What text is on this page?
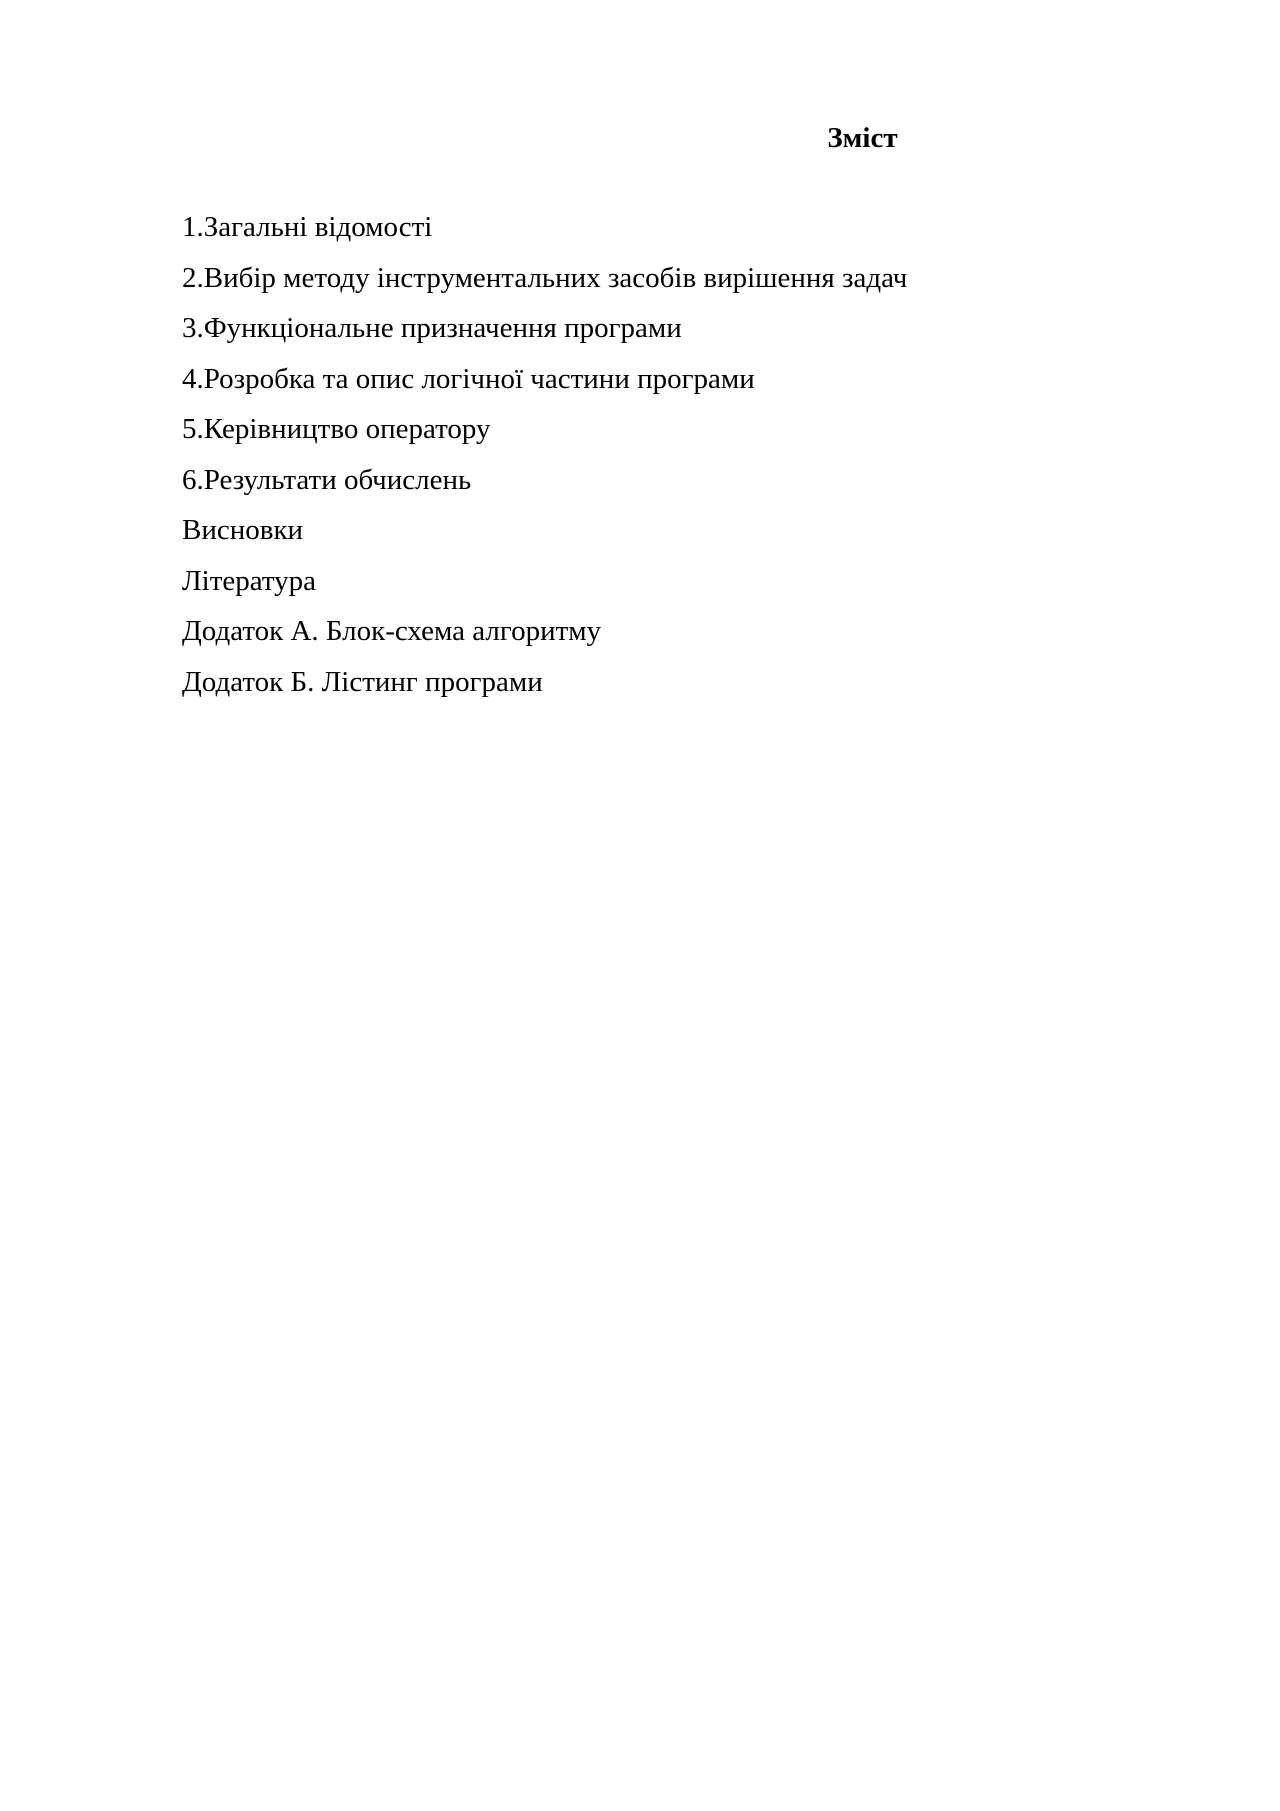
Зміст
1.Загальні відомості
2.Вибір методу інструментальних засобів вирішення задач
3.Функціональне призначення програми
4.Розробка та опис логічної частини програми
5.Керівництво оператору
6.Результати обчислень
Висновки
Література
Додаток А. Блок-схема алгоритму
Додаток Б. Лістинг програми
